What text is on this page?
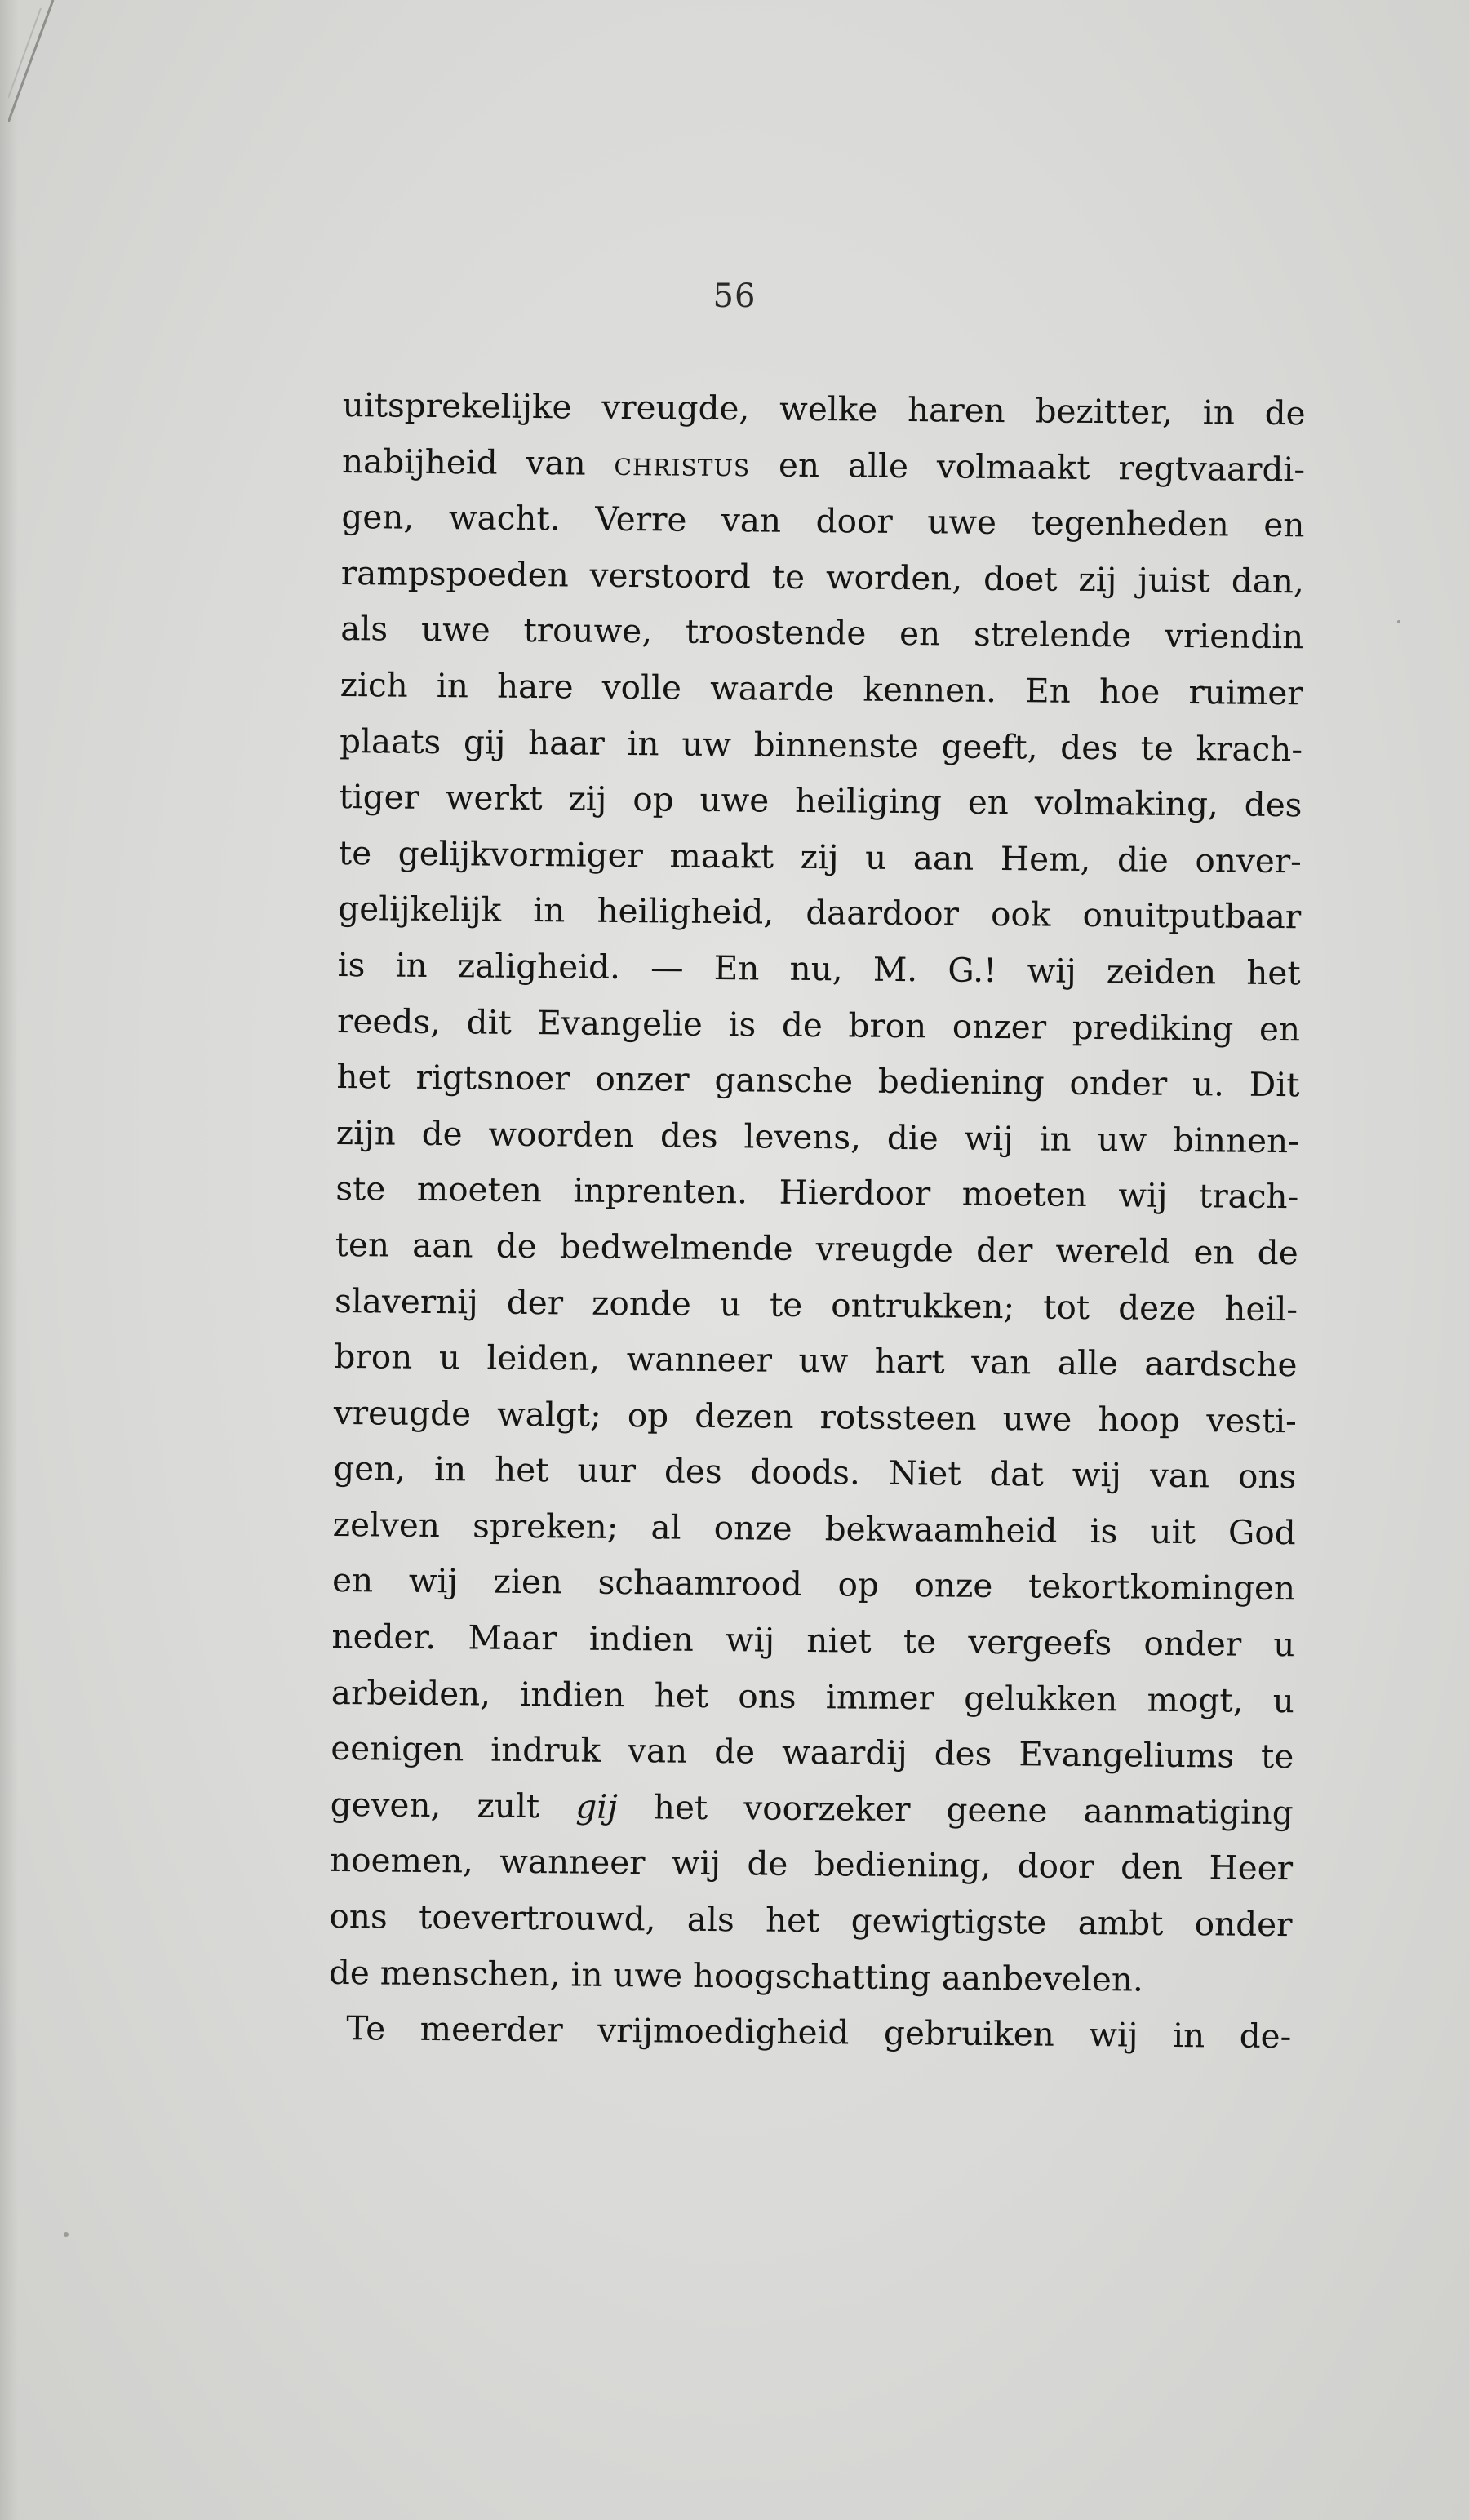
56
uitsprekelijke vreugde, welke haren bezitter, in de
nabijheid van christus en alle volmaakt regtvaardi-
gen, wacht. Verre van door uwe tegenheden en
rampspoeden verstoord te worden, doet zij juist dan,
als uwe trouwe, troostende en strelende vriendin
zich in hare volle waarde kennen. En hoe ruimer
plaats gij haar in uw binnenste geeft, des te krach-
tiger werkt zij op uwe heiliging en volmaking, des
te gelijkvormiger maakt zij u aan Hem, die onver-
gelijkelijk in heiligheid, daardoor ook onuitputbaar
is in zaligheid. — En nu, M. G.! wij zeiden het
reeds, dit Evangelie is de bron onzer prediking en
het rigtsnoer onzer gansche bediening onder u. Dit
zijn de woorden des levens, die wij in uw binnen-
ste moeten inprenten. Hierdoor moeten wij trach-
ten aan de bedwelmende vreugde der wereld en de
slavernij der zonde u te ontrukken; tot deze heil-
bron u leiden, wanneer uw hart van alle aardsche
vreugde walgt; op dezen rotssteen uwe hoop vesti-
gen, in het uur des doods. Niet dat wij van ons
zelven spreken; al onze bekwaamheid is uit God
en wij zien schaamrood op onze tekortkomingen
neder. Maar indien wij niet te vergeefs onder u
arbeiden, indien het ons immer gelukken mogt, u
eenigen indruk van de waardij des Evangeliums te
geven, zult gij het voorzeker geene aanmatiging
noemen, wanneer wij de bediening, door den Heer
ons toevertrouwd, als het gewigtigste ambt onder
de menschen, in uwe hoogschatting aanbevelen.
Te meerder vrijmoedigheid gebruiken wij in de-
